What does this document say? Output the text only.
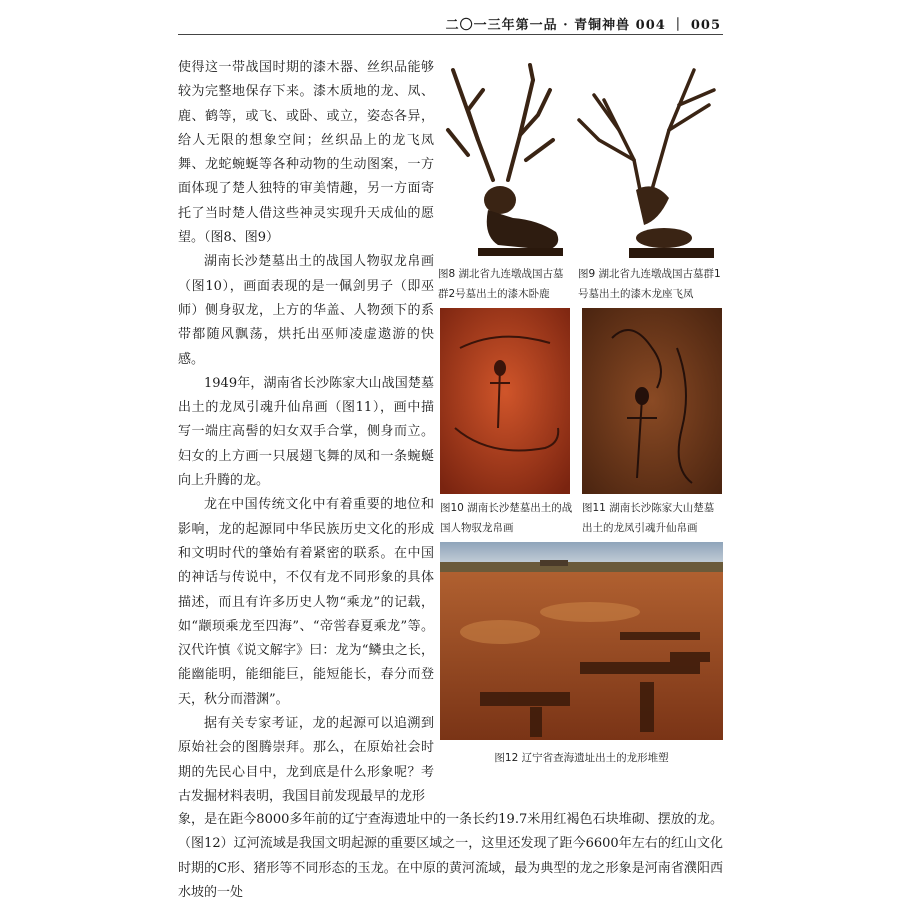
二〇一三年第一品 · 青铜神兽 004 ｜ 005

使得这一带战国时期的漆木器、丝织品能够较为完整地保存下来。漆木质地的龙、凤、鹿、鹤等，或飞、或卧、或立，姿态各异，给人无限的想象空间；丝织品上的龙飞凤舞、龙蛇蜿蜒等各种动物的生动图案，一方面体现了楚人独特的审美情趣，另一方面寄托了当时楚人借这些神灵实现升天成仙的愿望。（图8、图9）

湖南长沙楚墓出土的战国人物驭龙帛画（图10），画面表现的是一佩剑男子（即巫师）侧身驭龙，上方的华盖、人物颈下的系带都随风飘荡，烘托出巫师凌虚遨游的快感。

1949年，湖南省长沙陈家大山战国楚墓出土的龙凤引魂升仙帛画（图11），画中描写一端庄高髻的妇女双手合掌，侧身而立。妇女的上方画一只展翅飞舞的凤和一条蜿蜒向上升腾的龙。

龙在中国传统文化中有着重要的地位和影响，龙的起源同中华民族历史文化的形成和文明时代的肇始有着紧密的联系。在中国的神话与传说中，不仅有龙不同形象的具体描述，而且有许多历史人物“乘龙”的记载，如“颛顼乘龙至四海”、“帝喾春夏乘龙”等。汉代许慎《说文解字》曰：龙为“鳞虫之长，能幽能明，能细能巨，能短能长，春分而登天，秋分而潜渊”。

据有关专家考证，龙的起源可以追溯到原始社会的图腾崇拜。那么，在原始社会时期的先民心目中，龙到底是什么形象呢？考古发掘材料表明，我国目前发现最早的龙形

图8 湖北省九连墩战国古墓群2号墓出土的漆木卧鹿
图9 湖北省九连墩战国古墓群1号墓出土的漆木龙座飞凤
图10 湖南长沙楚墓出土的战国人物驭龙帛画
图11 湖南长沙陈家大山楚墓出土的龙凤引魂升仙帛画
图12 辽宁省查海遗址出土的龙形堆塑
象，是在距今8000多年前的辽宁查海遗址中的一条长约19.7米用红褐色石块堆砌、摆放的龙。（图12）辽河流域是我国文明起源的重要区域之一，这里还发现了距今6600年左右的红山文化时期的C形、猪形等不同形态的玉龙。在中原的黄河流域，最为典型的龙之形象是河南省濮阳西水坡的一处
